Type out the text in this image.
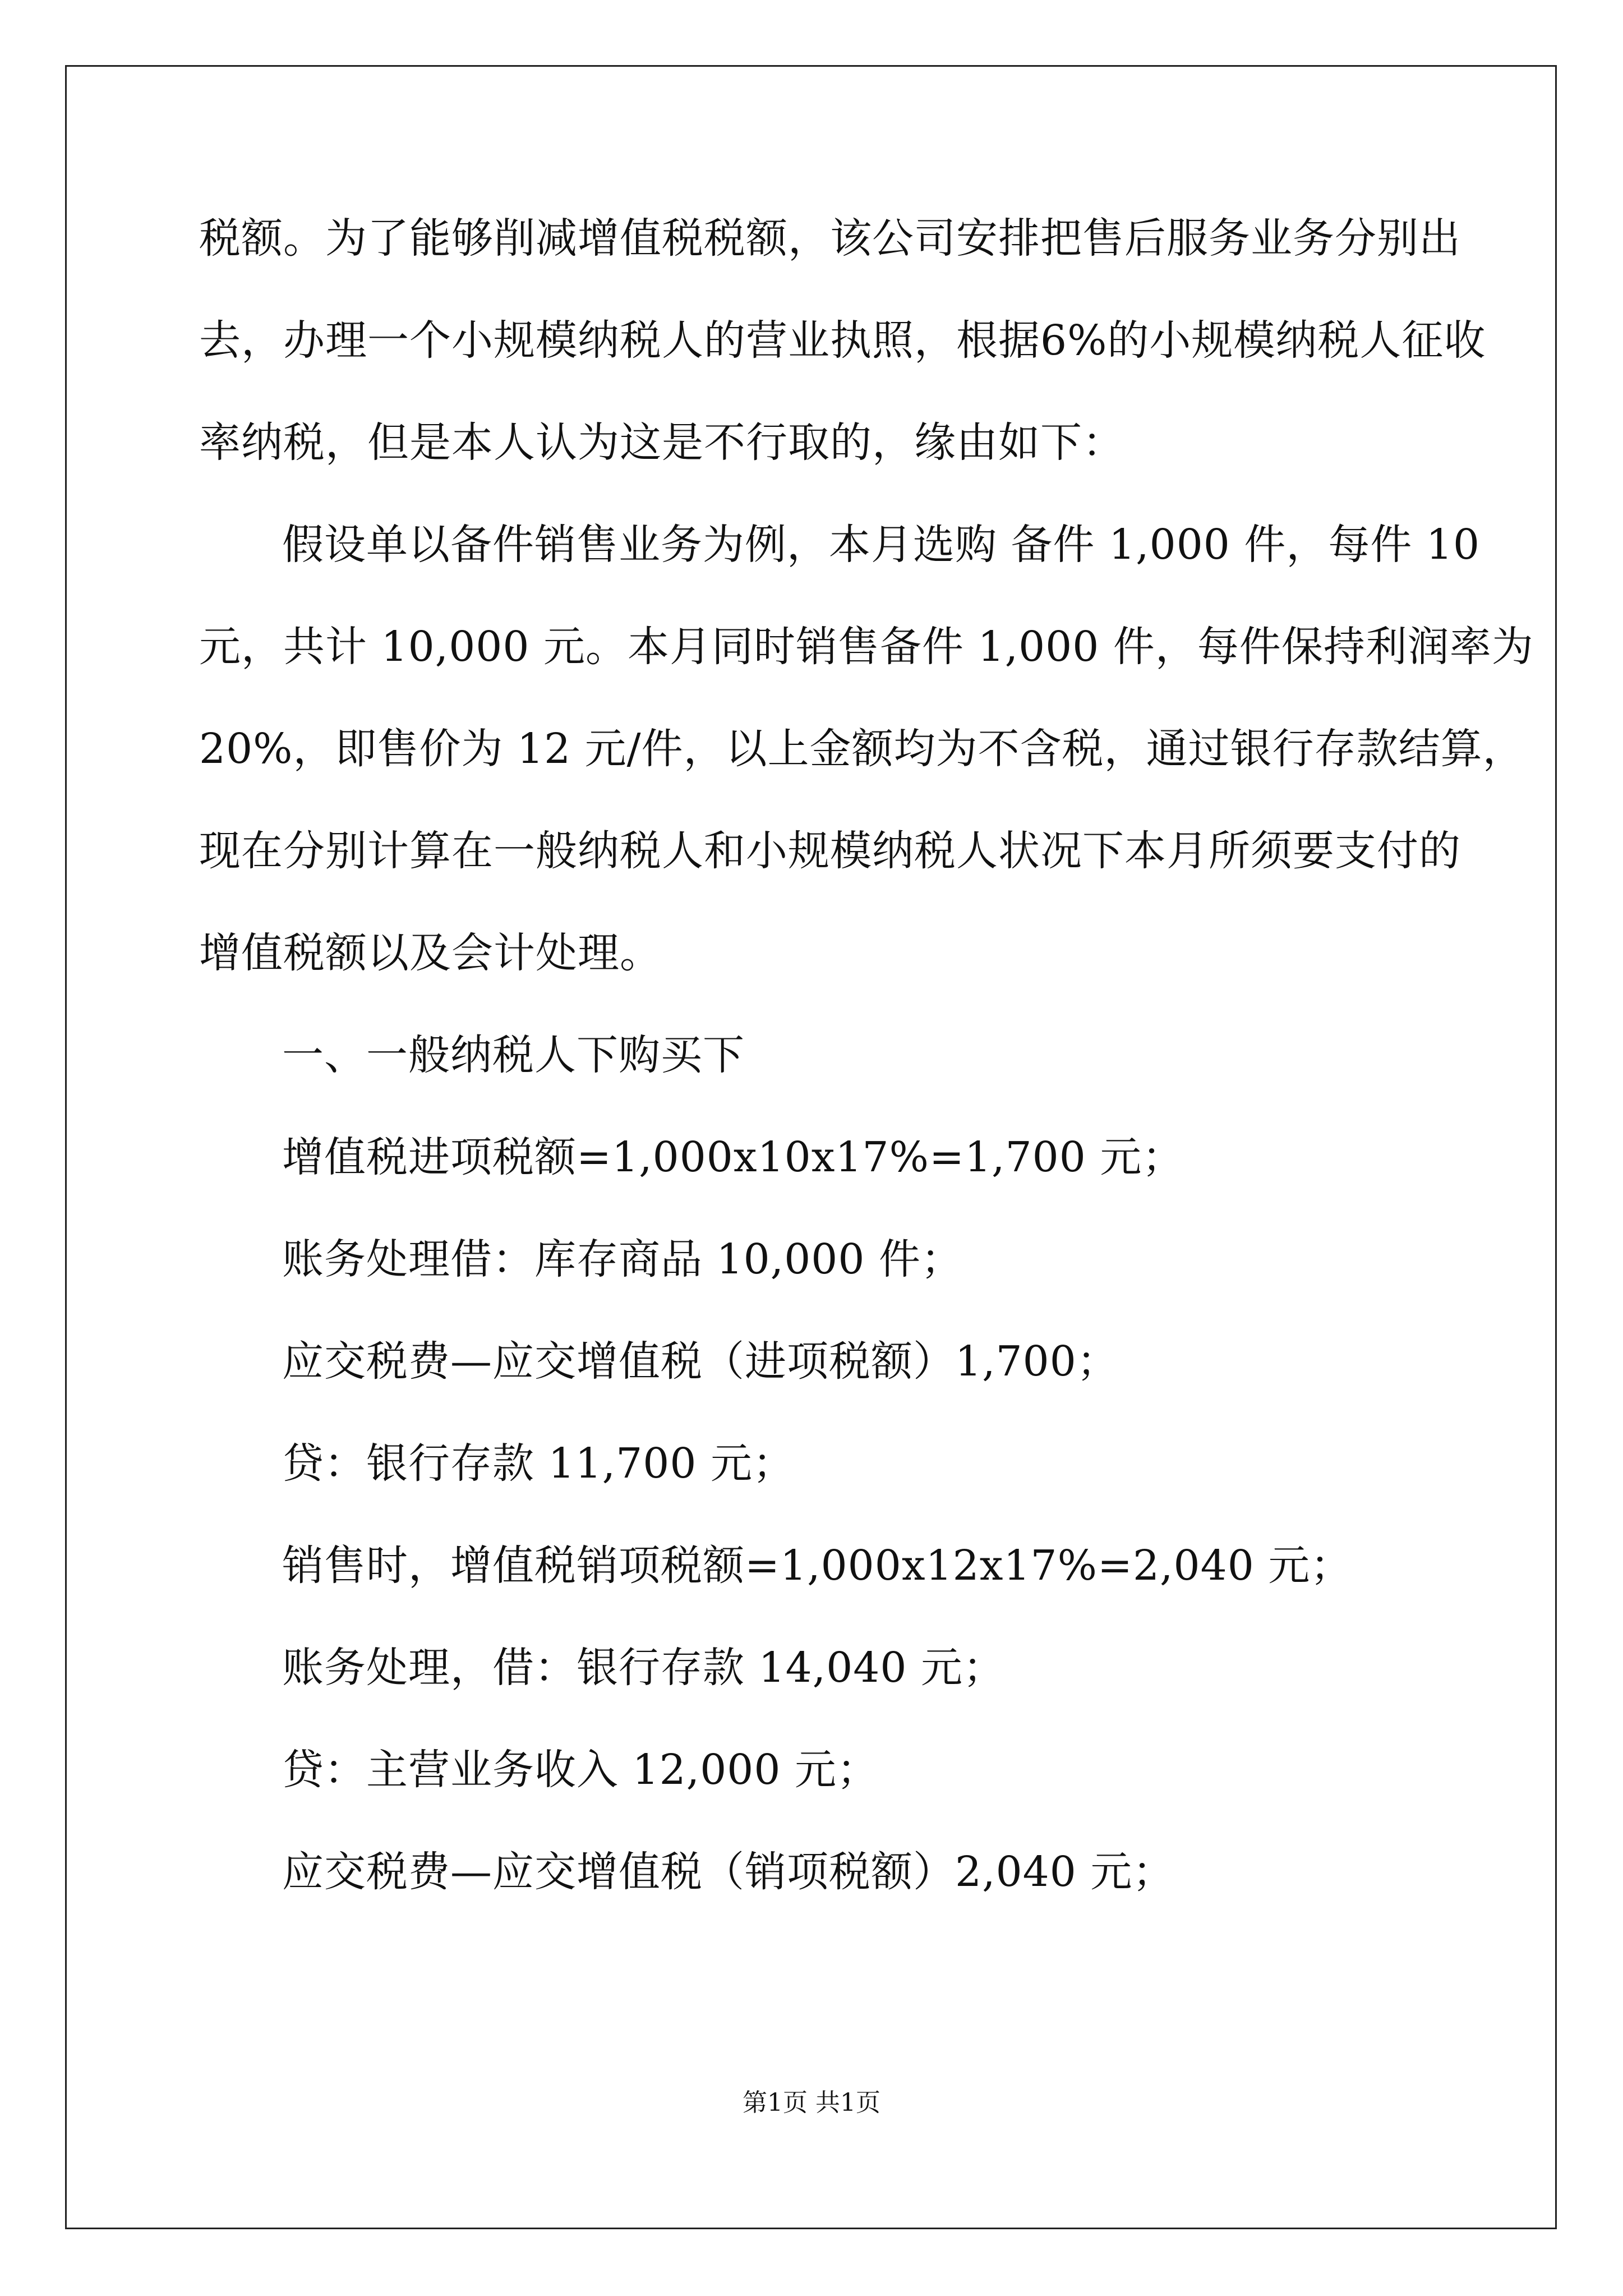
税额。为了能够削减增值税税额，该公司安排把售后服务业务分别出
去，办理一个小规模纳税人的营业执照，根据6%的小规模纳税人征收
率纳税，但是本人认为这是不行取的，缘由如下：
假设单以备件销售业务为例，本月选购 备件 1,000 件，每件 10
元，共计 10,000 元。本月同时销售备件 1,000 件，每件保持利润率为
20%，即售价为 12 元/件，以上金额均为不含税，通过银行存款结算，
现在分别计算在一般纳税人和小规模纳税人状况下本月所须要支付的
增值税额以及会计处理。
一、一般纳税人下购买下
增值税进项税额=1,000x10x17%=1,700 元；
账务处理借：库存商品 10,000 件；
应交税费—应交增值税（进项税额）1,700；
贷：银行存款 11,700 元；
销售时，增值税销项税额=1,000x12x17%=2,040 元；
账务处理，借：银行存款 14,040 元；
贷：主营业务收入 12,000 元；
应交税费—应交增值税（销项税额）2,040 元；
第1页 共1页
